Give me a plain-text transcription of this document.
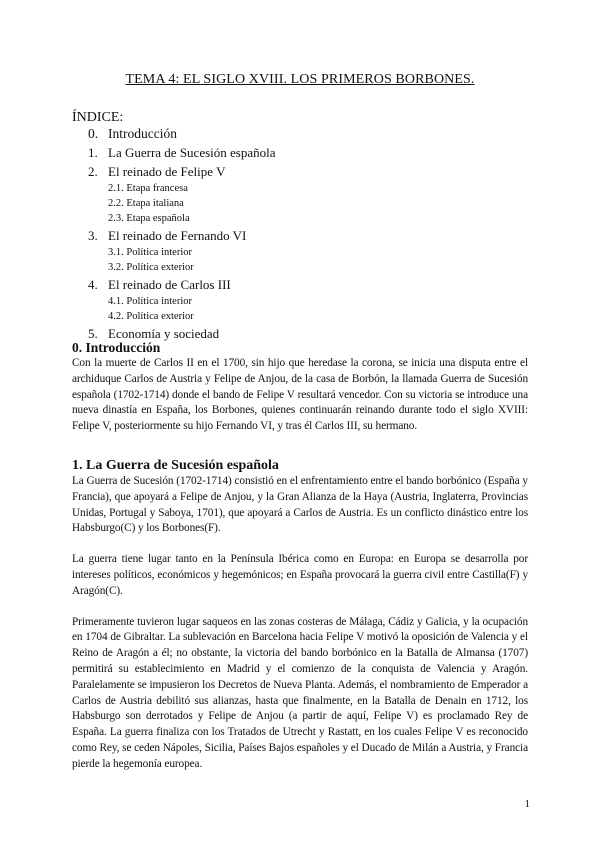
TEMA 4: EL SIGLO XVIII. LOS PRIMEROS BORBONES.
ÍNDICE:
0. Introducción
1. La Guerra de Sucesión española
2. El reinado de Felipe V
2.1. Etapa francesa
2.2. Etapa italiana
2.3. Etapa española
3. El reinado de Fernando VI
3.1. Política interior
3.2. Política exterior
4. El reinado de Carlos III
4.1. Política interior
4.2. Política exterior
5. Economía y sociedad
0. Introducción

Con la muerte de Carlos II en el 1700, sin hijo que heredase la corona, se inicia una disputa entre el archiduque Carlos de Austria y Felipe de Anjou, de la casa de Borbón, la llamada Guerra de Sucesión española (1702-1714) donde el bando de Felipe V resultará vencedor. Con su victoria se introduce una nueva dinastía en España, los Borbones, quienes continuarán reinando durante todo el siglo XVIII: Felipe V, posteriormente su hijo Fernando VI, y tras él Carlos III, su hermano.

1. La Guerra de Sucesión española

La Guerra de Sucesión (1702-1714) consistió en el enfrentamiento entre el bando borbónico (España y Francia), que apoyará a Felipe de Anjou, y la Gran Alianza de la Haya (Austria, Inglaterra, Provincias Unidas, Portugal y Saboya, 1701), que apoyará a Carlos de Austria. Es un conflicto dinástico entre los Habsburgo(C) y los Borbones(F).

La guerra tiene lugar tanto en la Península Ibérica como en Europa: en Europa se desarrolla por intereses políticos, económicos y hegemónicos; en España provocará la guerra civil entre Castilla(F) y Aragón(C).

Primeramente tuvieron lugar saqueos en las zonas costeras de Málaga, Cádiz y Galicia, y la ocupación en 1704 de Gibraltar. La sublevación en Barcelona hacia Felipe V motivó la oposición de Valencia y el Reino de Aragón a él; no obstante, la victoria del bando borbónico en la Batalla de Almansa (1707) permitirá su establecimiento en Madrid y el comienzo de la conquista de Valencia y Aragón. Paralelamente se impusieron los Decretos de Nueva Planta. Además, el nombramiento de Emperador a Carlos de Austria debilitó sus alianzas, hasta que finalmente, en la Batalla de Denain en 1712, los Habsburgo son derrotados y Felipe de Anjou (a partir de aquí, Felipe V) es proclamado Rey de España. La guerra finaliza con los Tratados de Utrecht y Rastatt, en los cuales Felipe V es reconocido como Rey, se ceden Nápoles, Sicilia, Países Bajos españoles y el Ducado de Milán a Austria, y Francia pierde la hegemonía europea.

1
